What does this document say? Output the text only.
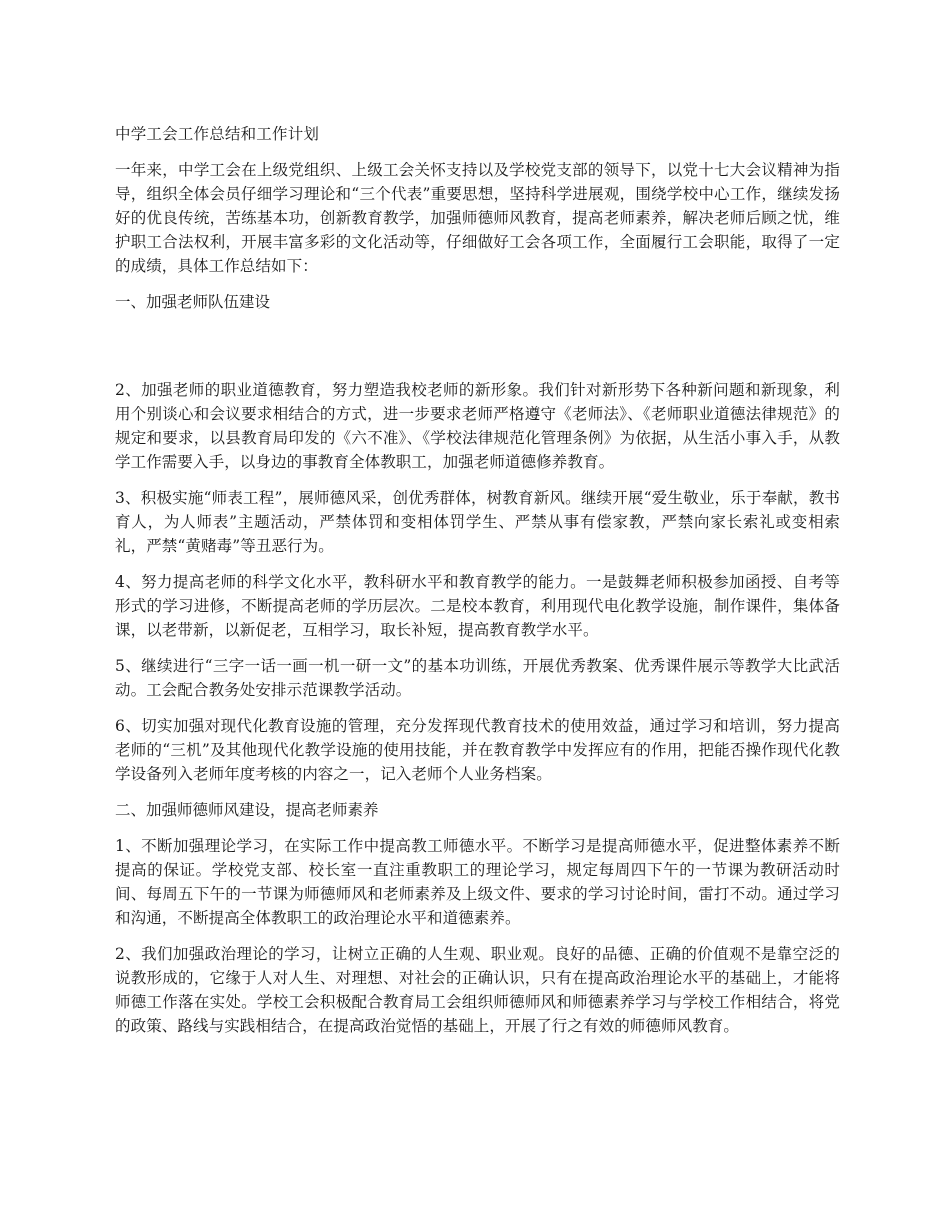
中学工会工作总结和工作计划
一年来，中学工会在上级党组织、上级工会关怀支持以及学校党支部的领导下，以党十七大会议精神为指导，组织全体会员仔细学习理论和“三个代表”重要思想，坚持科学进展观，围绕学校中心工作，继续发扬好的优良传统，苦练基本功，创新教育教学，加强师德师风教育，提高老师素养，解决老师后顾之忧，维护职工合法权利，开展丰富多彩的文化活动等，仔细做好工会各项工作，全面履行工会职能，取得了一定的成绩，具体工作总结如下：
一、加强老师队伍建设
2、加强老师的职业道德教育，努力塑造我校老师的新形象。我们针对新形势下各种新问题和新现象，利用个别谈心和会议要求相结合的方式，进一步要求老师严格遵守《老师法》、《老师职业道德法律规范》的规定和要求，以县教育局印发的《六不准》、《学校法律规范化管理条例》为依据，从生活小事入手，从教学工作需要入手，以身边的事教育全体教职工，加强老师道德修养教育。
3、积极实施“师表工程”，展师德风采，创优秀群体，树教育新风。继续开展“爱生敬业，乐于奉献，教书育人，为人师表”主题活动，严禁体罚和变相体罚学生、严禁从事有偿家教，严禁向家长索礼或变相索礼，严禁“黄赌毒”等丑恶行为。
4、努力提高老师的科学文化水平，教科研水平和教育教学的能力。一是鼓舞老师积极参加函授、自考等形式的学习进修，不断提高老师的学历层次。二是校本教育，利用现代电化教学设施，制作课件，集体备课，以老带新，以新促老，互相学习，取长补短，提高教育教学水平。
5、继续进行“三字一话一画一机一研一文”的基本功训练，开展优秀教案、优秀课件展示等教学大比武活动。工会配合教务处安排示范课教学活动。
6、切实加强对现代化教育设施的管理，充分发挥现代教育技术的使用效益，通过学习和培训，努力提高老师的“三机”及其他现代化教学设施的使用技能，并在教育教学中发挥应有的作用，把能否操作现代化教学设备列入老师年度考核的内容之一，记入老师个人业务档案。
二、加强师德师风建设，提高老师素养
1、不断加强理论学习，在实际工作中提高教工师德水平。不断学习是提高师德水平，促进整体素养不断提高的保证。学校党支部、校长室一直注重教职工的理论学习，规定每周四下午的一节课为教研活动时间、每周五下午的一节课为师德师风和老师素养及上级文件、要求的学习讨论时间，雷打不动。通过学习和沟通，不断提高全体教职工的政治理论水平和道德素养。
2、我们加强政治理论的学习，让树立正确的人生观、职业观。良好的品德、正确的价值观不是靠空泛的说教形成的，它缘于人对人生、对理想、对社会的正确认识，只有在提高政治理论水平的基础上，才能将师德工作落在实处。学校工会积极配合教育局工会组织师德师风和师德素养学习与学校工作相结合，将党的政策、路线与实践相结合，在提高政治觉悟的基础上，开展了行之有效的师德师风教育。
